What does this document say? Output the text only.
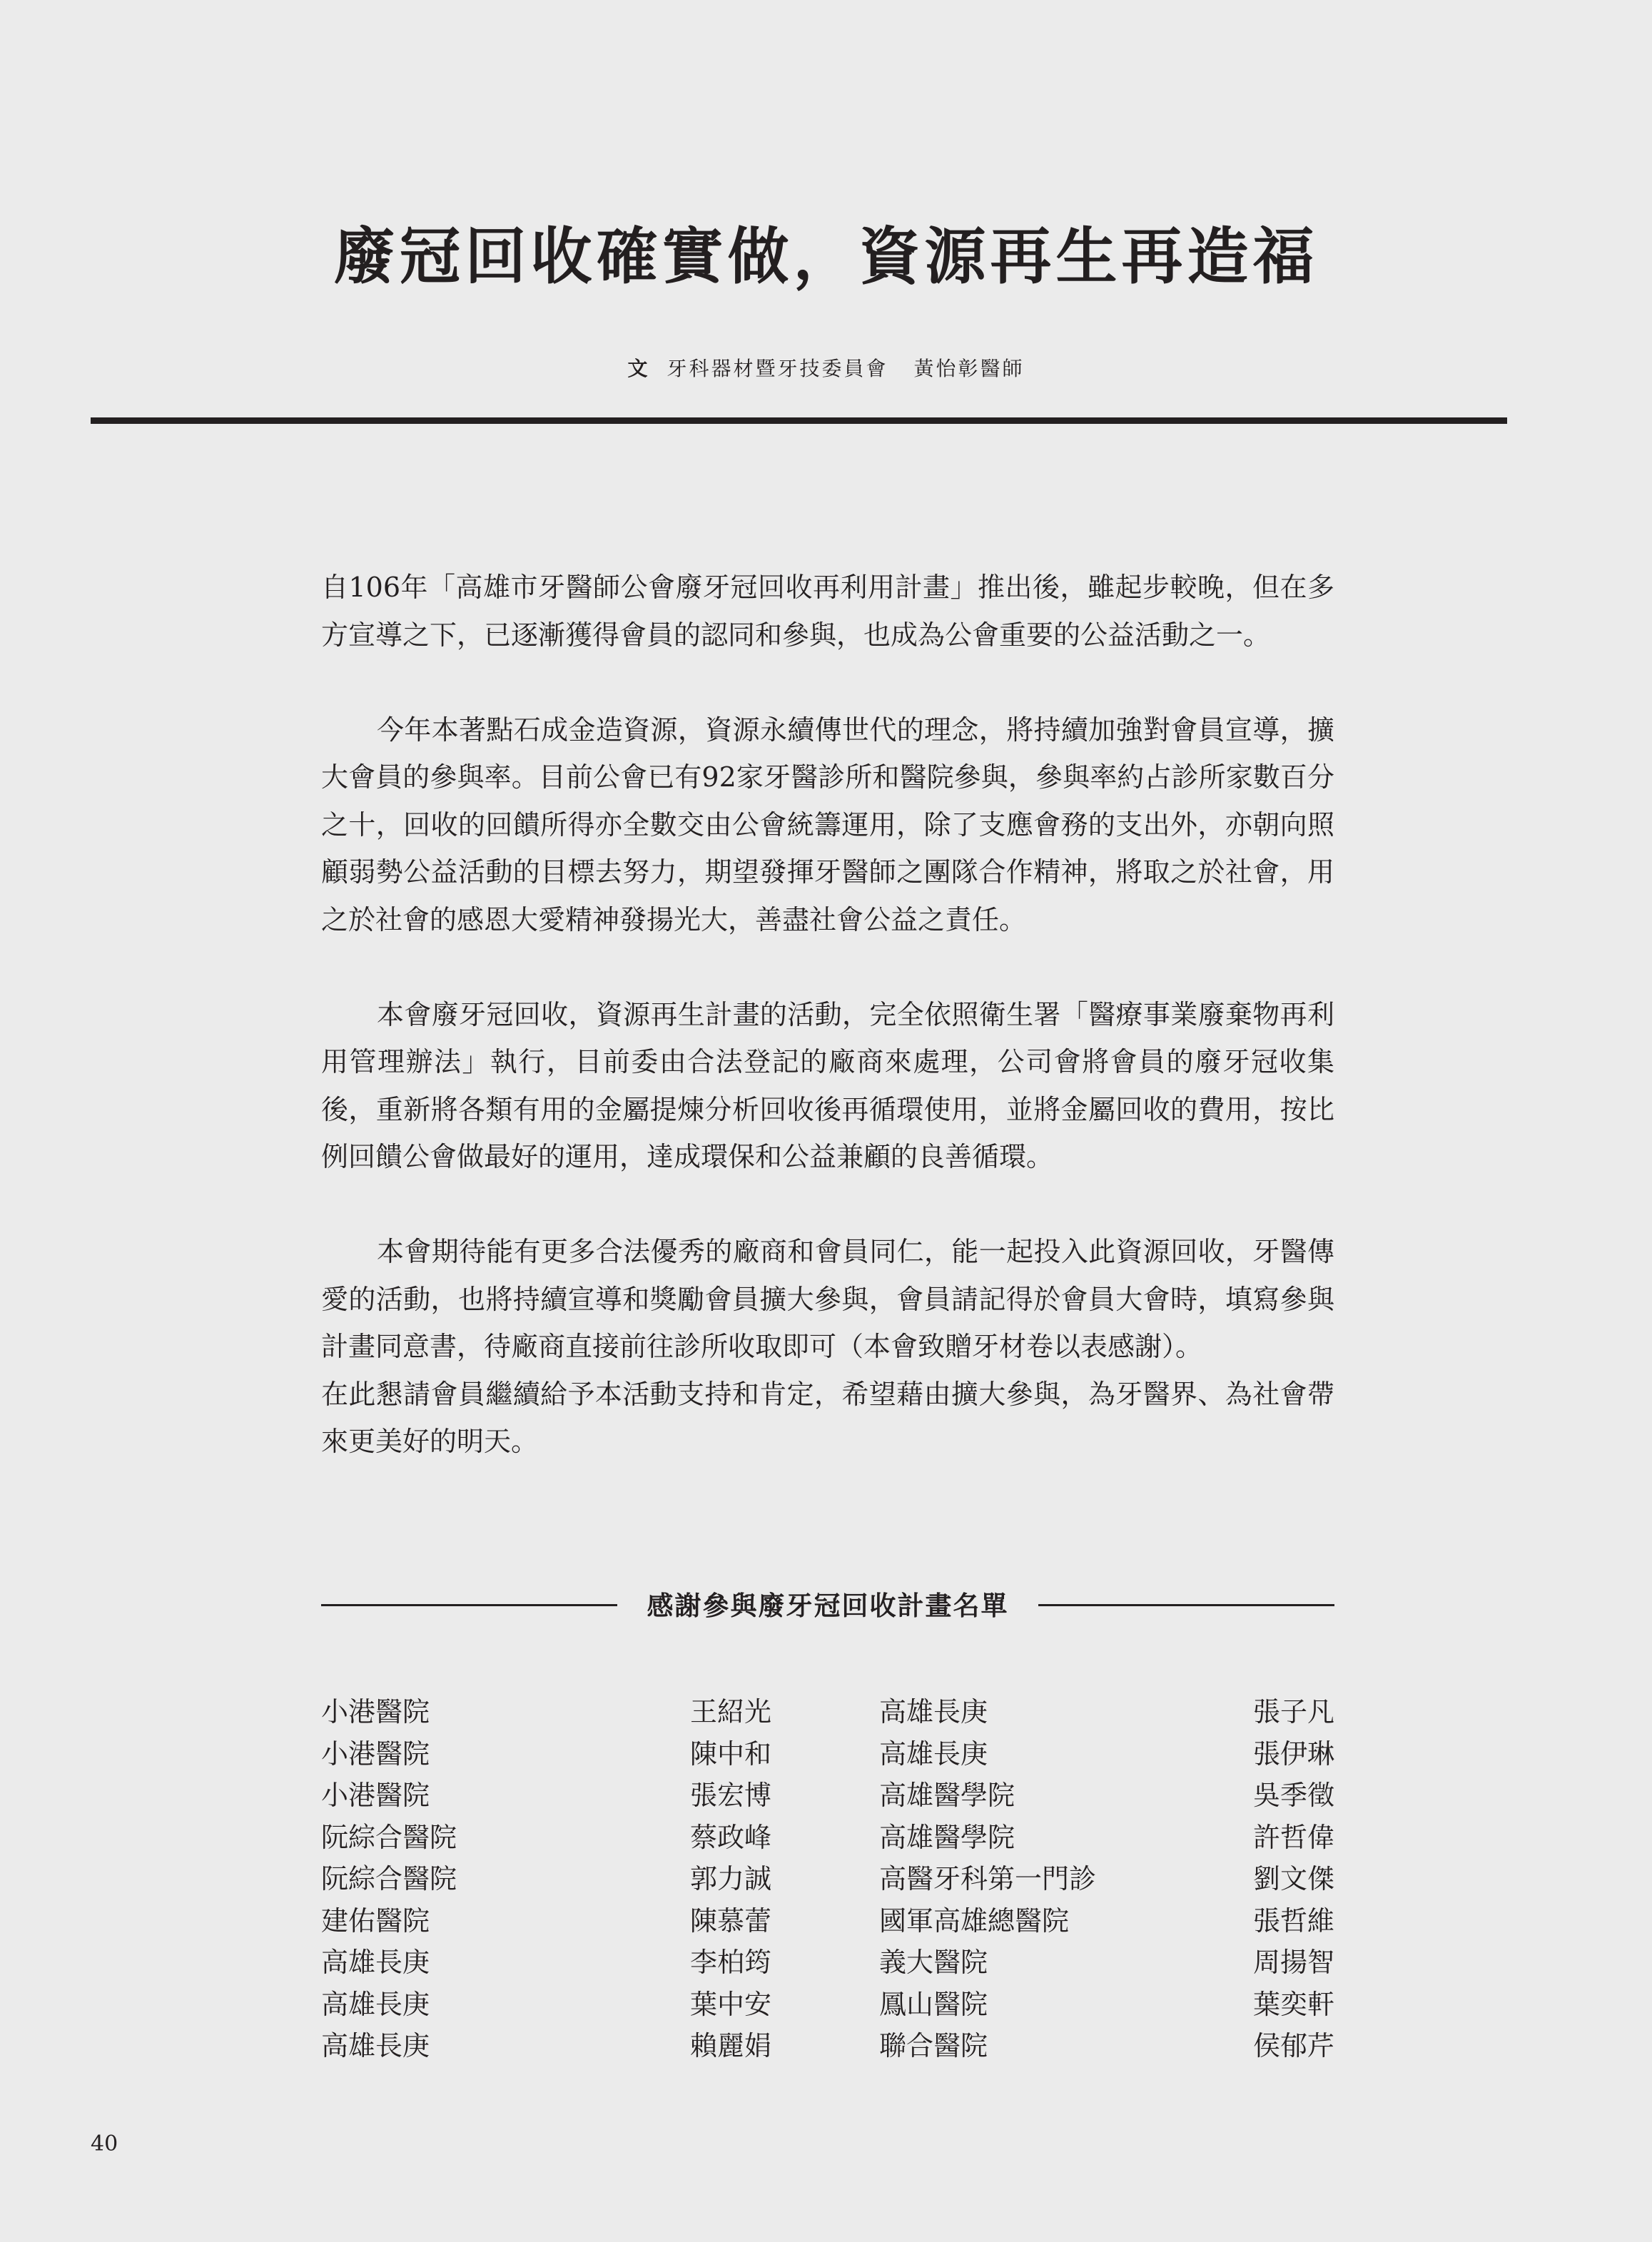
廢冠回收確實做，資源再生再造福
文 牙科器材暨牙技委員會 黃怡彰醫師

自106年「高雄市牙醫師公會廢牙冠回收再利用計畫」推出後，雖起步較晚，但在多方宣導之下，已逐漸獲得會員的認同和參與，也成為公會重要的公益活動之一。

今年本著點石成金造資源，資源永續傳世代的理念，將持續加強對會員宣導，擴大會員的參與率。目前公會已有92家牙醫診所和醫院參與，參與率約占診所家數百分之十，回收的回饋所得亦全數交由公會統籌運用，除了支應會務的支出外，亦朝向照顧弱勢公益活動的目標去努力，期望發揮牙醫師之團隊合作精神，將取之於社會，用之於社會的感恩大愛精神發揚光大，善盡社會公益之責任。

本會廢牙冠回收，資源再生計畫的活動，完全依照衛生署「醫療事業廢棄物再利用管理辦法」執行，目前委由合法登記的廠商來處理，公司會將會員的廢牙冠收集後，重新將各類有用的金屬提煉分析回收後再循環使用，並將金屬回收的費用，按比例回饋公會做最好的運用，達成環保和公益兼顧的良善循環。

本會期待能有更多合法優秀的廠商和會員同仁，能一起投入此資源回收，牙醫傳愛的活動，也將持續宣導和獎勵會員擴大參與，會員請記得於會員大會時，填寫參與計畫同意書，待廠商直接前往診所收取即可（本會致贈牙材卷以表感謝）。

在此懇請會員繼續給予本活動支持和肯定，希望藉由擴大參與，為牙醫界、為社會帶來更美好的明天。

感謝參與廢牙冠回收計畫名單
小港醫院	王紹光	高雄長庚	張子凡
小港醫院	陳中和	高雄長庚	張伊琳
小港醫院	張宏博	高雄醫學院	吳季徵
阮綜合醫院	蔡政峰	高雄醫學院	許哲偉
阮綜合醫院	郭力誠	高醫牙科第一門診	劉文傑
建佑醫院	陳慕蕾	國軍高雄總醫院	張哲維
高雄長庚	李柏筠	義大醫院	周揚智
高雄長庚	葉中安	鳳山醫院	葉奕軒
高雄長庚	賴麗娟	聯合醫院	侯郁芹
40
